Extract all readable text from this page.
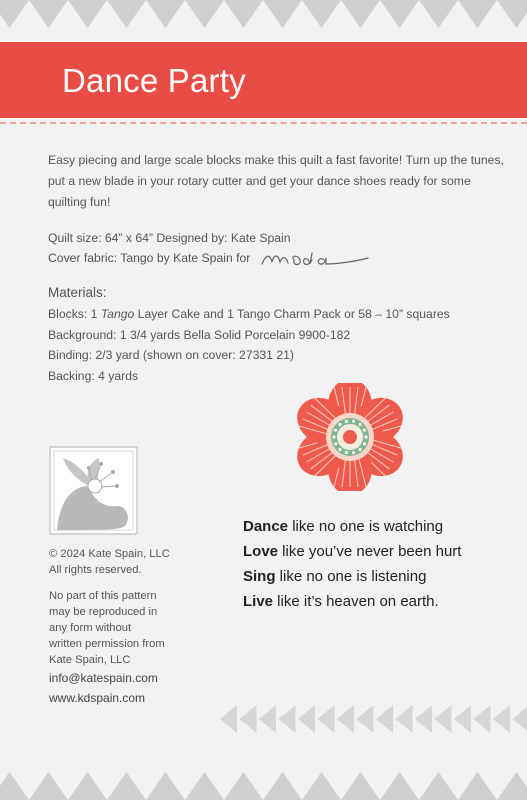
Dance Party
Easy piecing and large scale blocks make this quilt a fast favorite! Turn up the tunes, put a new blade in your rotary cutter and get your dance shoes ready for some quilting fun!
Quilt size: 64” x 64” Designed by: Kate Spain
Cover fabric: Tango by Kate Spain for
Materials:
Blocks: 1 Tango Layer Cake and 1 Tango Charm Pack or 58 – 10” squares
Background: 1 3/4 yards Bella Solid Porcelain 9900-182
Binding: 2/3 yard (shown on cover: 27331 21)
Backing: 4 yards
© 2024 Kate Spain, LLC
All rights reserved.
No part of this pattern
may be reproduced in
any form without
written permission from
Kate Spain, LLC
info@katespain.com
www.kdspain.com
Dance like no one is watching
Love like you’ve never been hurt
Sing like no one is listening
Live like it’s heaven on earth.
